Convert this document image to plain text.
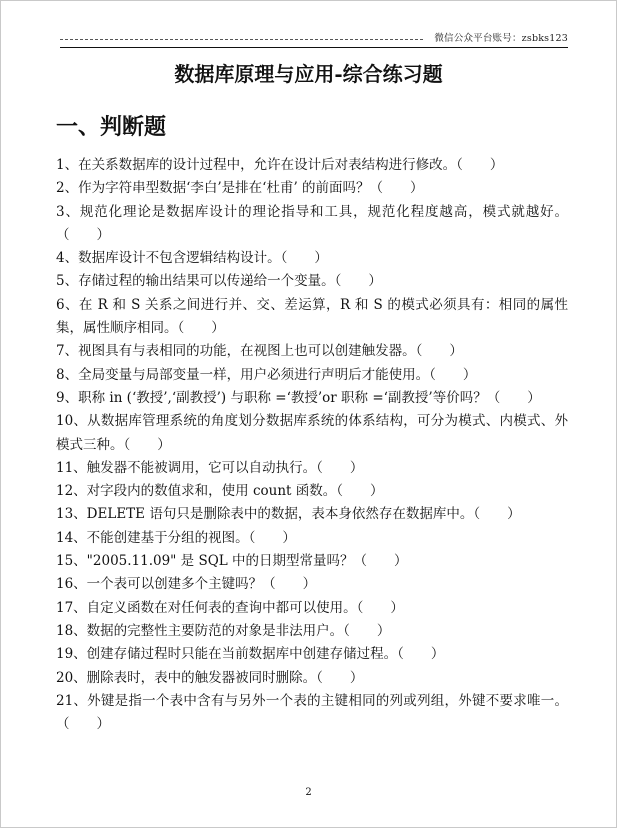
微信公众平台账号：zsbks123
数据库原理与应用-综合练习题
一、判断题
1、在关系数据库的设计过程中，允许在设计后对表结构进行修改。（　　）
2、作为字符串型数据‘李白’是排在‘杜甫’ 的前面吗？（　　）
3、规范化理论是数据库设计的理论指导和工具，规范化程度越高，模式就越好。（　　）
4、数据库设计不包含逻辑结构设计。（　　）
5、存储过程的输出结果可以传递给一个变量。（　　）
6、在 R 和 S 关系之间进行并、交、差运算，R 和 S 的模式必须具有：相同的属性集，属性顺序相同。（　　）
7、视图具有与表相同的功能，在视图上也可以创建触发器。（　　）
8、全局变量与局部变量一样，用户必须进行声明后才能使用。（　　）
9、职称 in (‘教授’,‘副教授’) 与职称 =‘教授’or 职称 =‘副教授’等价吗？（　　）
10、从数据库管理系统的角度划分数据库系统的体系结构，可分为模式、内模式、外模式三种。（　　）
11、触发器不能被调用，它可以自动执行。（　　）
12、对字段内的数值求和，使用 count 函数。（　　）
13、DELETE 语句只是删除表中的数据，表本身依然存在数据库中。（　　）
14、不能创建基于分组的视图。（　　）
15、"2005.11.09" 是 SQL 中的日期型常量吗？（　　）
16、一个表可以创建多个主键吗？（　　）
17、自定义函数在对任何表的查询中都可以使用。（　　）
18、数据的完整性主要防范的对象是非法用户。（　　）
19、创建存储过程时只能在当前数据库中创建存储过程。（　　）
20、删除表时，表中的触发器被同时删除。（　　）
21、外键是指一个表中含有与另外一个表的主键相同的列或列组，外键不要求唯一。（　　）
2
